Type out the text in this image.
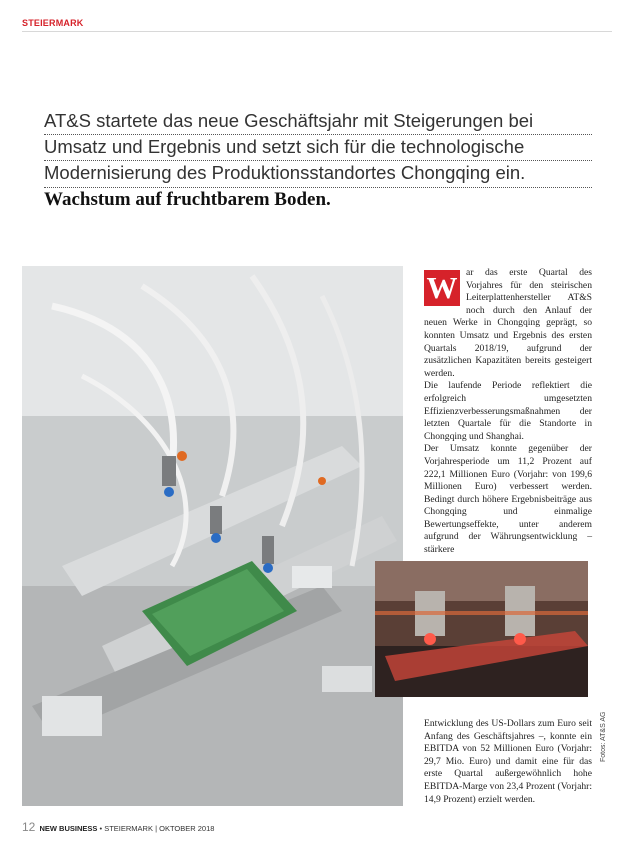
STEIERMARK
AT&S startete das neue Geschäftsjahr mit Steigerungen bei
Umsatz und Ergebnis und setzt sich für die technologische
Modernisierung des Produktionsstandortes Chongqing ein.
Wachstum auf fruchtbarem Boden.
W ar das erste Quartal des Vorjahres für den steirischen Leiterplattenhersteller AT&S noch durch den Anlauf der neuen Werke in Chongqing geprägt, so konnten Umsatz und Ergebnis des ersten Quartals 2018/19, aufgrund der zusätzlichen Kapazitäten bereits gesteigert werden.

Die laufende Periode reflektiert die erfolgreich umgesetzten Effizienzverbesserungsmaßnahmen der letzten Quartale für die Standorte in Chongqing und Shanghai.

Der Umsatz konnte gegenüber der Vorjahresperiode um 11,2 Prozent auf 222,1 Millionen Euro (Vorjahr: von 199,6 Millionen Euro) verbessert werden. Bedingt durch höhere Ergebnisbeiträge aus Chongqing und einmalige Bewertungseffekte, unter anderem aufgrund der Währungsentwicklung – stärkere

Entwicklung des US-Dollars zum Euro seit Anfang des Geschäftsjahres –, konnte ein EBITDA von 52 Millionen Euro (Vorjahr: 29,7 Mio. Euro) und damit eine für das erste Quartal außergewöhnlich hohe EBITDA-Marge von 23,4 Prozent (Vorjahr: 14,9 Prozent) erzielt werden.

Fotos: AT&S AG
12 NEW BUSINESS • STEIERMARK | OKTOBER 2018
